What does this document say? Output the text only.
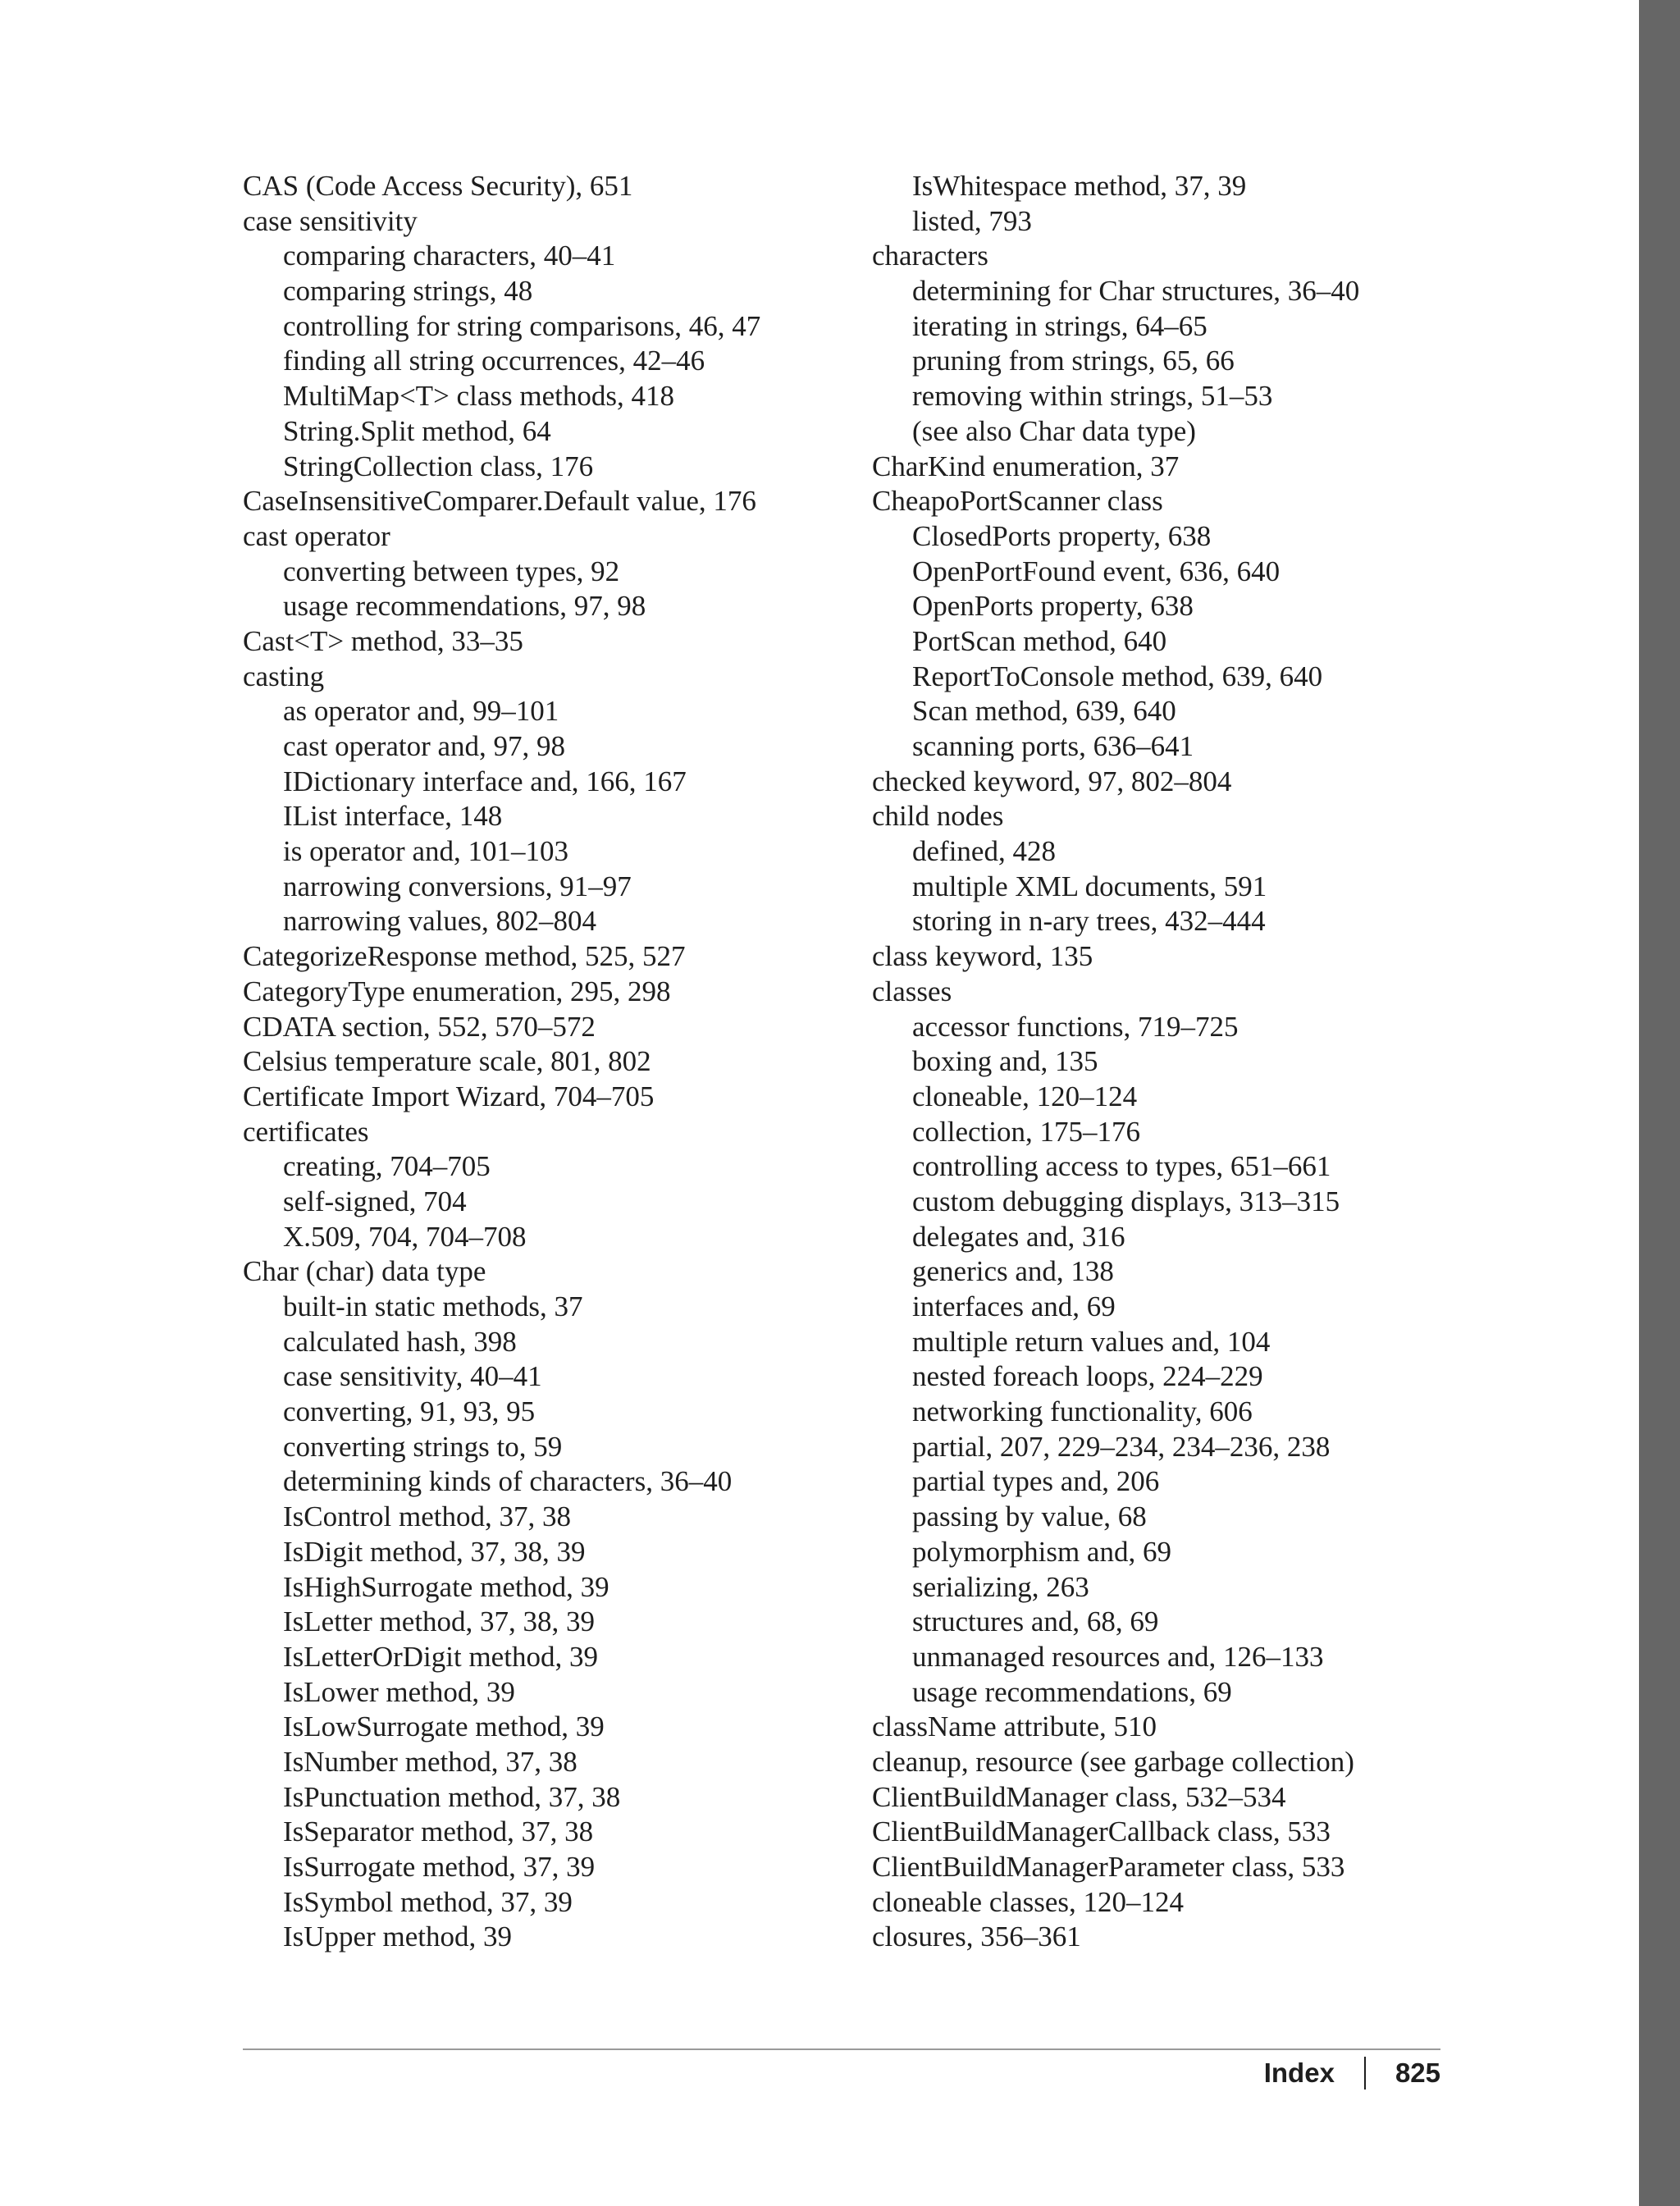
CAS (Code Access Security), 651
case sensitivity
comparing characters, 40–41
comparing strings, 48
controlling for string comparisons, 46, 47
finding all string occurrences, 42–46
MultiMap<T> class methods, 418
String.Split method, 64
StringCollection class, 176
CaseInsensitiveComparer.Default value, 176
cast operator
converting between types, 92
usage recommendations, 97, 98
Cast<T> method, 33–35
casting
as operator and, 99–101
cast operator and, 97, 98
IDictionary interface and, 166, 167
IList interface, 148
is operator and, 101–103
narrowing conversions, 91–97
narrowing values, 802–804
CategorizeResponse method, 525, 527
CategoryType enumeration, 295, 298
CDATA section, 552, 570–572
Celsius temperature scale, 801, 802
Certificate Import Wizard, 704–705
certificates
creating, 704–705
self-signed, 704
X.509, 704, 704–708
Char (char) data type
built-in static methods, 37
calculated hash, 398
case sensitivity, 40–41
converting, 91, 93, 95
converting strings to, 59
determining kinds of characters, 36–40
IsControl method, 37, 38
IsDigit method, 37, 38, 39
IsHighSurrogate method, 39
IsLetter method, 37, 38, 39
IsLetterOrDigit method, 39
IsLower method, 39
IsLowSurrogate method, 39
IsNumber method, 37, 38
IsPunctuation method, 37, 38
IsSeparator method, 37, 38
IsSurrogate method, 37, 39
IsSymbol method, 37, 39
IsUpper method, 39
IsWhitespace method, 37, 39
listed, 793
characters
determining for Char structures, 36–40
iterating in strings, 64–65
pruning from strings, 65, 66
removing within strings, 51–53
(see also Char data type)
CharKind enumeration, 37
CheapoPortScanner class
ClosedPorts property, 638
OpenPortFound event, 636, 640
OpenPorts property, 638
PortScan method, 640
ReportToConsole method, 639, 640
Scan method, 639, 640
scanning ports, 636–641
checked keyword, 97, 802–804
child nodes
defined, 428
multiple XML documents, 591
storing in n-ary trees, 432–444
class keyword, 135
classes
accessor functions, 719–725
boxing and, 135
cloneable, 120–124
collection, 175–176
controlling access to types, 651–661
custom debugging displays, 313–315
delegates and, 316
generics and, 138
interfaces and, 69
multiple return values and, 104
nested foreach loops, 224–229
networking functionality, 606
partial, 207, 229–234, 234–236, 238
partial types and, 206
passing by value, 68
polymorphism and, 69
serializing, 263
structures and, 68, 69
unmanaged resources and, 126–133
usage recommendations, 69
className attribute, 510
cleanup, resource (see garbage collection)
ClientBuildManager class, 532–534
ClientBuildManagerCallback class, 533
ClientBuildManagerParameter class, 533
cloneable classes, 120–124
closures, 356–361
Index 825
